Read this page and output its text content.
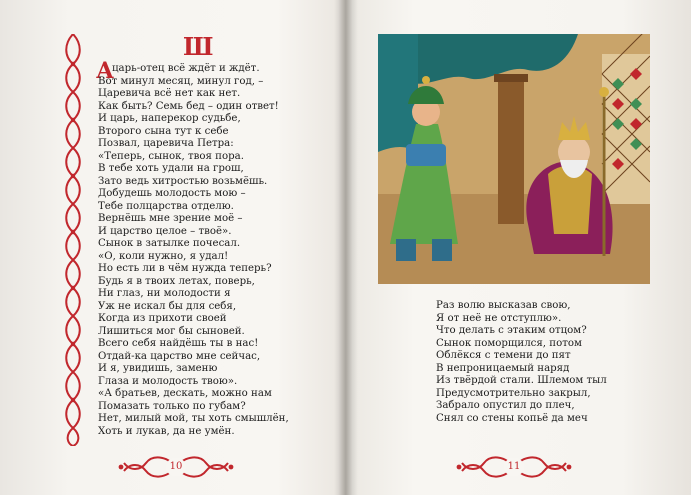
Ш
А
царь-отец всё ждёт и ждёт.
Вот минул месяц, минул год, –
Царевича всё нет как нет.
Как быть? Семь бед – один ответ!
И царь, наперекор судьбе,
Второго сына тут к себе
Позвал, царевича Петра:
«Теперь, сынок, твоя пора.
В тебе хоть удали на грош,
Зато ведь хитростью возьмёшь.
Добудешь молодость мою –
Тебе полцарства отделю.
Вернёшь мне зрение моё –
И царство целое – твоё».
Сынок в затылке почесал.
«О, коли нужно, я удал!
Но есть ли в чём нужда теперь?
Будь я в твоих летах, поверь,
Ни глаз, ни молодости я
Уж не искал бы для себя,
Когда из прихоти своей
Лишиться мог бы сыновей.
Всего себя найдёшь ты в нас!
Отдай-ка царство мне сейчас,
И я, увидишь, заменю
Глаза и молодость твою».
«А братьев, дескать, можно нам
Помазать только по губам?
Нет, милый мой, ты хоть смышлён,
Хоть и лукав, да не умён.
10
Раз волю высказав свою,
Я от неё не отступлю».
Что делать с этаким отцом?
Сынок поморщился, потом
Облёкся с темени до пят
В непроницаемый наряд
Из твёрдой стали. Шлемом тыл
Предусмотрительно закрыл,
Забрало опустил до плеч,
Снял со стены копьё да меч
11
